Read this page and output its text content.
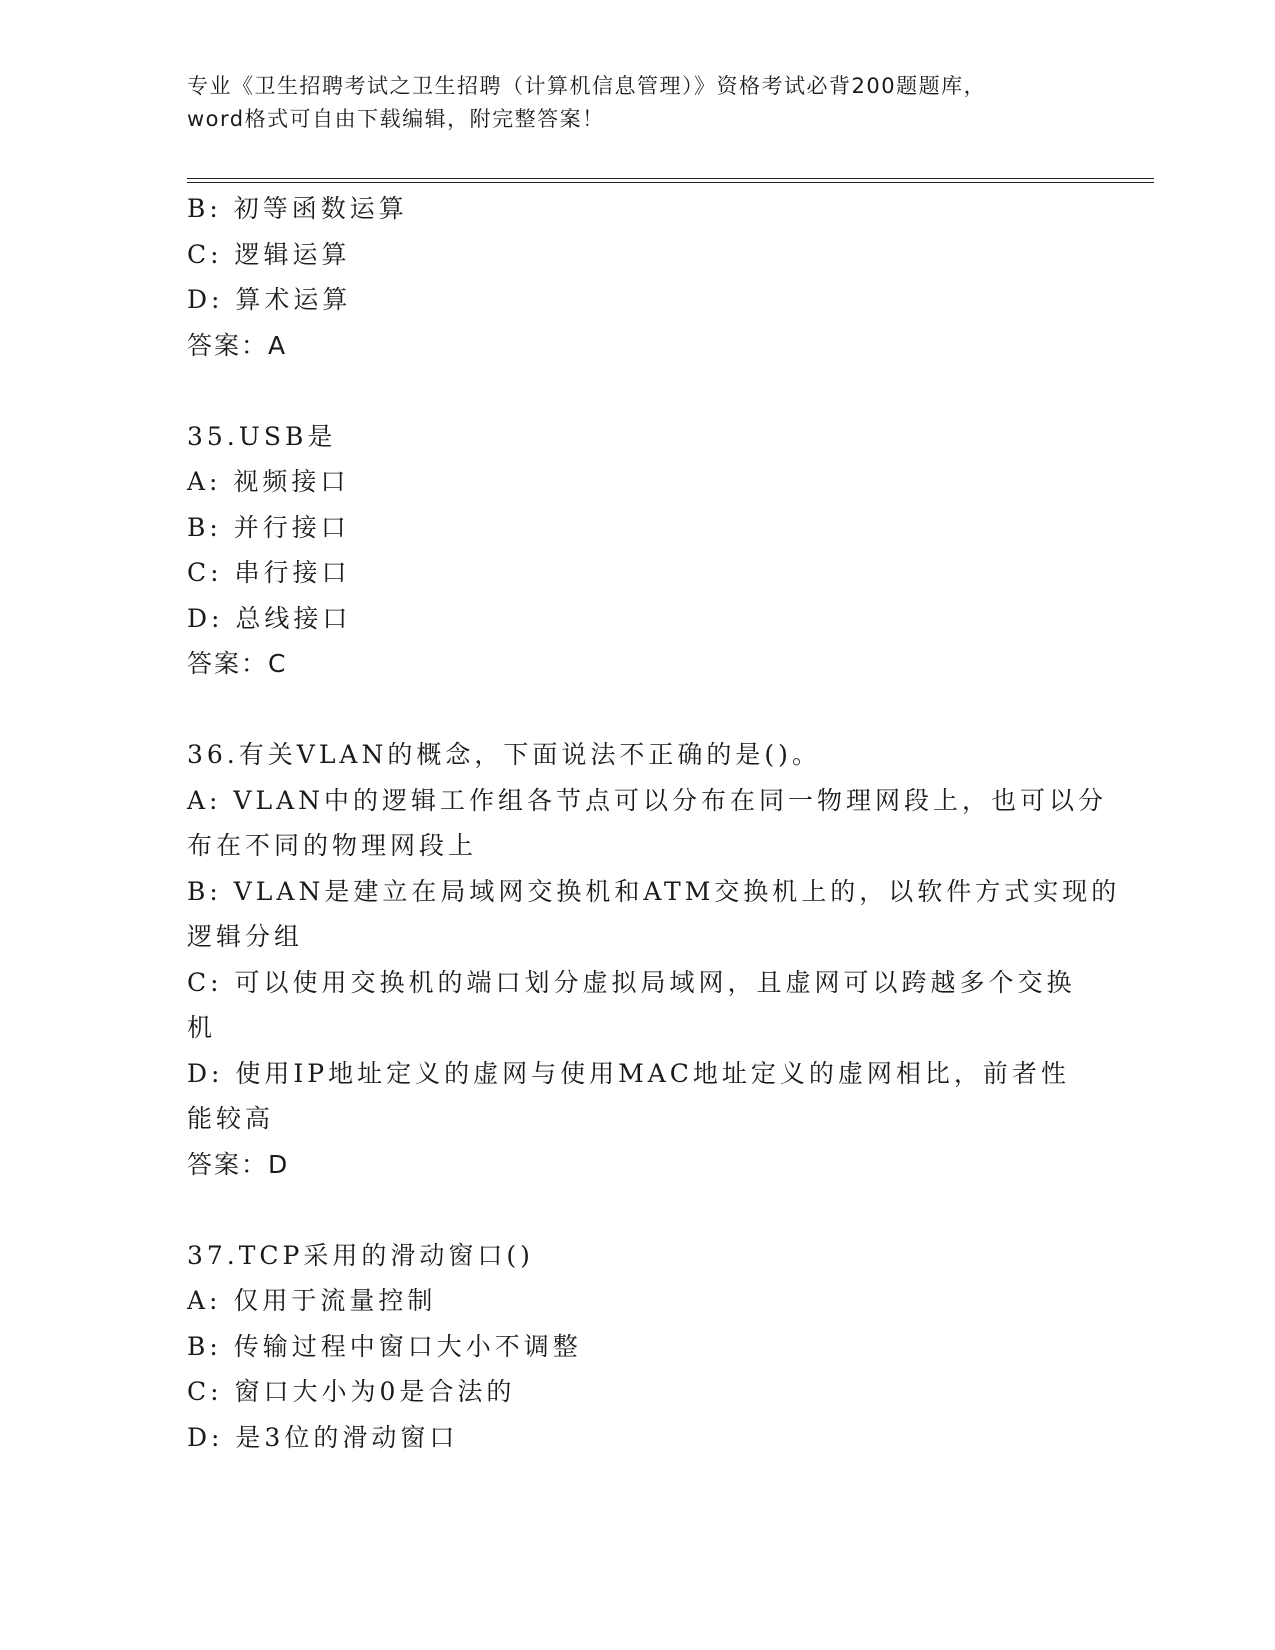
专业《卫生招聘考试之卫生招聘（计算机信息管理）》资格考试必背200题题库，
word格式可自由下载编辑，附完整答案！
B: 初等函数运算
C: 逻辑运算
D: 算术运算
答案：A
35.USB是
A: 视频接口
B: 并行接口
C: 串行接口
D: 总线接口
答案：C
36.有关VLAN的概念，下面说法不正确的是()。
A: VLAN中的逻辑工作组各节点可以分布在同一物理网段上，也可以分
布在不同的物理网段上
B: VLAN是建立在局域网交换机和ATM交换机上的，以软件方式实现的
逻辑分组
C: 可以使用交换机的端口划分虚拟局域网，且虚网可以跨越多个交换
机
D: 使用IP地址定义的虚网与使用MAC地址定义的虚网相比，前者性
能较高
答案：D
37.TCP采用的滑动窗口()
A: 仅用于流量控制
B: 传输过程中窗口大小不调整
C: 窗口大小为0是合法的
D: 是3位的滑动窗口
